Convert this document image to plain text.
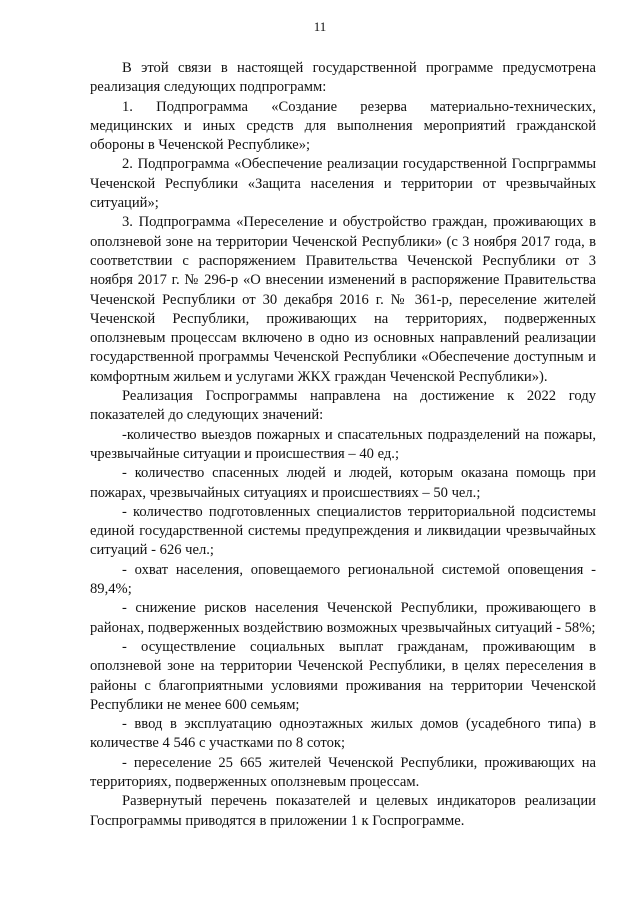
11

В этой связи в настоящей государственной программе предусмотрена реализация следующих подпрограмм:

1. Подпрограмма «Создание резерва материально-технических, медицинских и иных средств для выполнения мероприятий гражданской обороны в Чеченской Республике»;

2. Подпрограмма «Обеспечение реализации государственной Госпрграммы Чеченской Республики «Защита населения и территории от чрезвычайных ситуаций»;

3. Подпрограмма «Переселение и обустройство граждан, проживающих в оползневой зоне на территории Чеченской Республики» (с 3 ноября 2017 года, в соответствии с распоряжением Правительства Чеченской Республики от 3 ноября 2017 г. № 296-р «О внесении изменений в распоряжение Правительства Чеченской Республики от 30 декабря 2016 г. № 361-р, переселение жителей Чеченской Республики, проживающих на территориях, подверженных оползневым процессам включено в одно из основных направлений реализации государственной программы Чеченской Республики «Обеспечение доступным и комфортным жильем и услугами ЖКХ граждан Чеченской Республики»).

Реализация Госпрограммы направлена на достижение к 2022 году показателей до следующих значений:

-количество выездов пожарных и спасательных подразделений на пожары, чрезвычайные ситуации и происшествия – 40 ед.;

- количество спасенных людей и людей, которым оказана помощь при пожарах, чрезвычайных ситуациях и происшествиях – 50 чел.;

- количество подготовленных специалистов территориальной подсистемы единой государственной системы предупреждения и ликвидации чрезвычайных ситуаций - 626 чел.;

- охват населения, оповещаемого региональной системой оповещения - 89,4%;

- снижение рисков населения Чеченской Республики, проживающего в районах, подверженных воздействию возможных чрезвычайных ситуаций - 58%;

- осуществление социальных выплат гражданам, проживающим в оползневой зоне на территории Чеченской Республики, в целях переселения в районы с благоприятными условиями проживания на территории Чеченской Республики не менее 600 семьям;

- ввод в эксплуатацию одноэтажных жилых домов (усадебного типа) в количестве 4 546 с участками по 8 соток;

- переселение 25 665 жителей Чеченской Республики, проживающих на территориях, подверженных оползневым процессам.

Развернутый перечень показателей и целевых индикаторов реализации Госпрограммы приводятся в приложении 1 к Госпрограмме.
